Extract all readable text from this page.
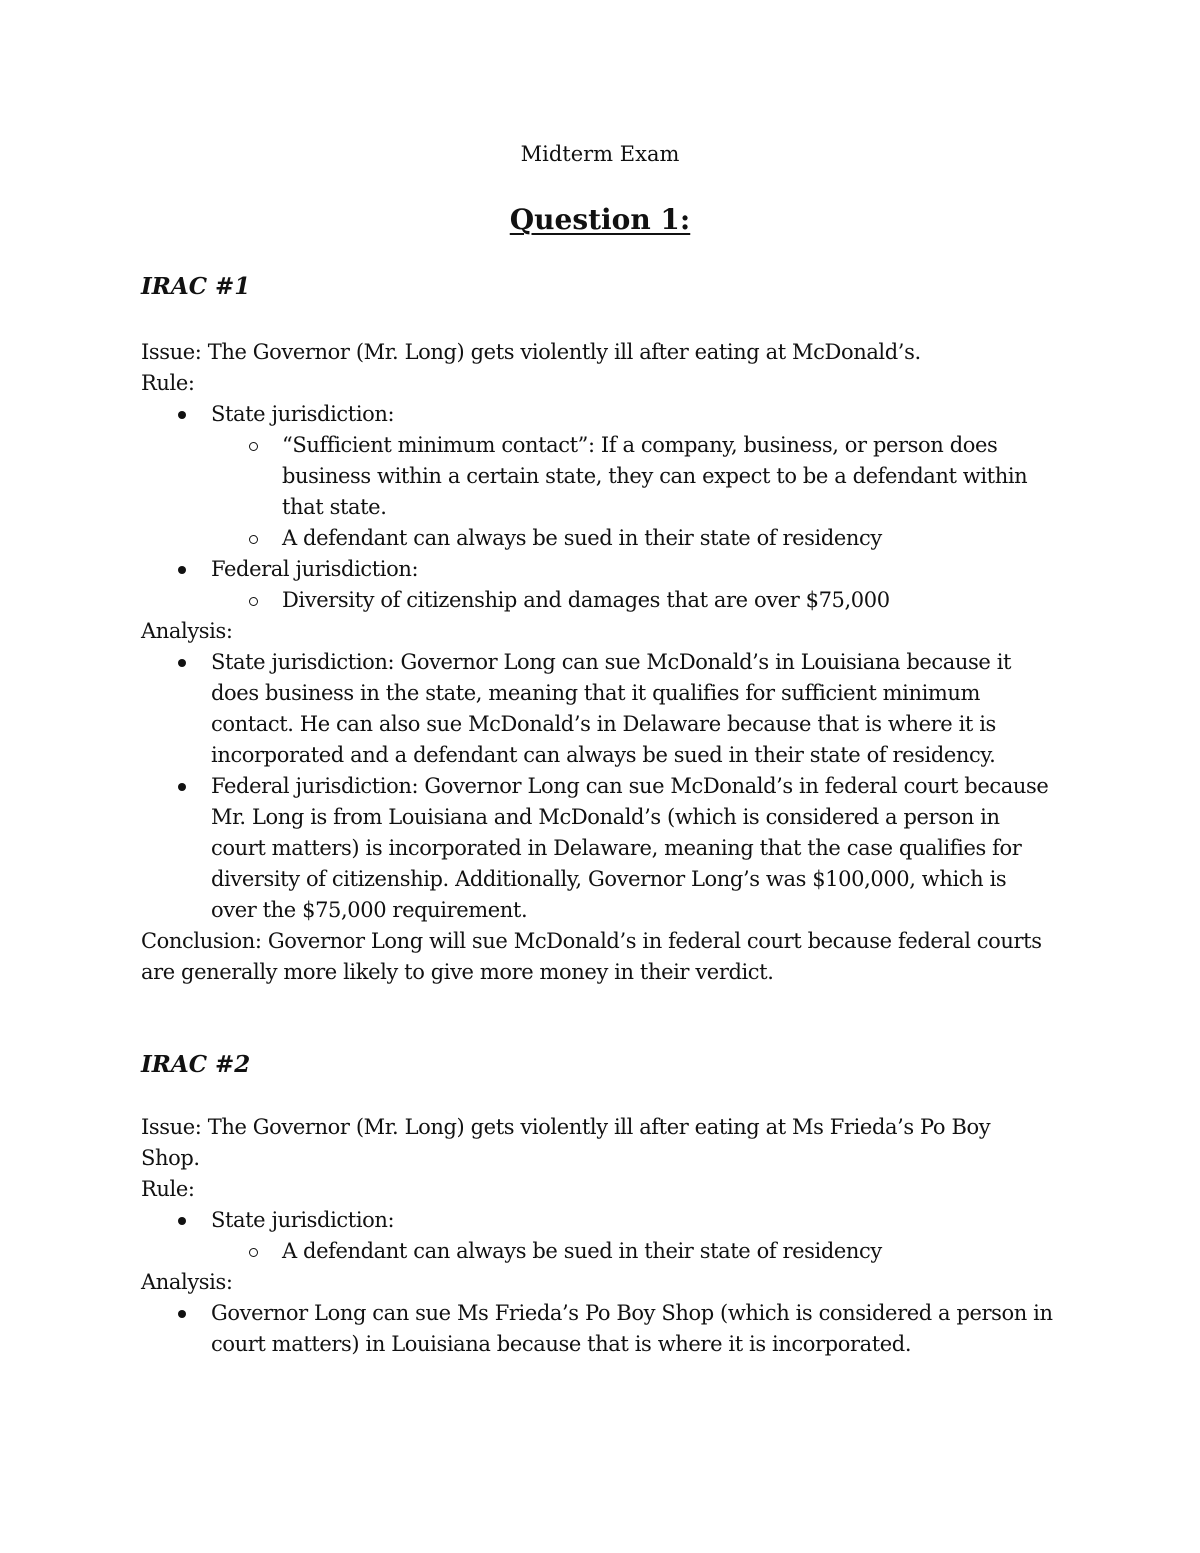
Midterm Exam
Question 1:
IRAC #1
Issue: The Governor (Mr. Long) gets violently ill after eating at McDonald’s.
Rule:
State jurisdiction:
“Sufficient minimum contact”: If a company, business, or person does
business within a certain state, they can expect to be a defendant within
that state.
A defendant can always be sued in their state of residency
Federal jurisdiction:
Diversity of citizenship and damages that are over $75,000
Analysis:
State jurisdiction: Governor Long can sue McDonald’s in Louisiana because it
does business in the state, meaning that it qualifies for sufficient minimum
contact. He can also sue McDonald’s in Delaware because that is where it is
incorporated and a defendant can always be sued in their state of residency.
Federal jurisdiction: Governor Long can sue McDonald’s in federal court because
Mr. Long is from Louisiana and McDonald’s (which is considered a person in
court matters) is incorporated in Delaware, meaning that the case qualifies for
diversity of citizenship. Additionally, Governor Long’s was $100,000, which is
over the $75,000 requirement.
Conclusion: Governor Long will sue McDonald’s in federal court because federal courts
are generally more likely to give more money in their verdict.
IRAC #2
Issue: The Governor (Mr. Long) gets violently ill after eating at Ms Frieda’s Po Boy
Shop.
Rule:
State jurisdiction:
A defendant can always be sued in their state of residency
Analysis:
Governor Long can sue Ms Frieda’s Po Boy Shop (which is considered a person in
court matters) in Louisiana because that is where it is incorporated.
